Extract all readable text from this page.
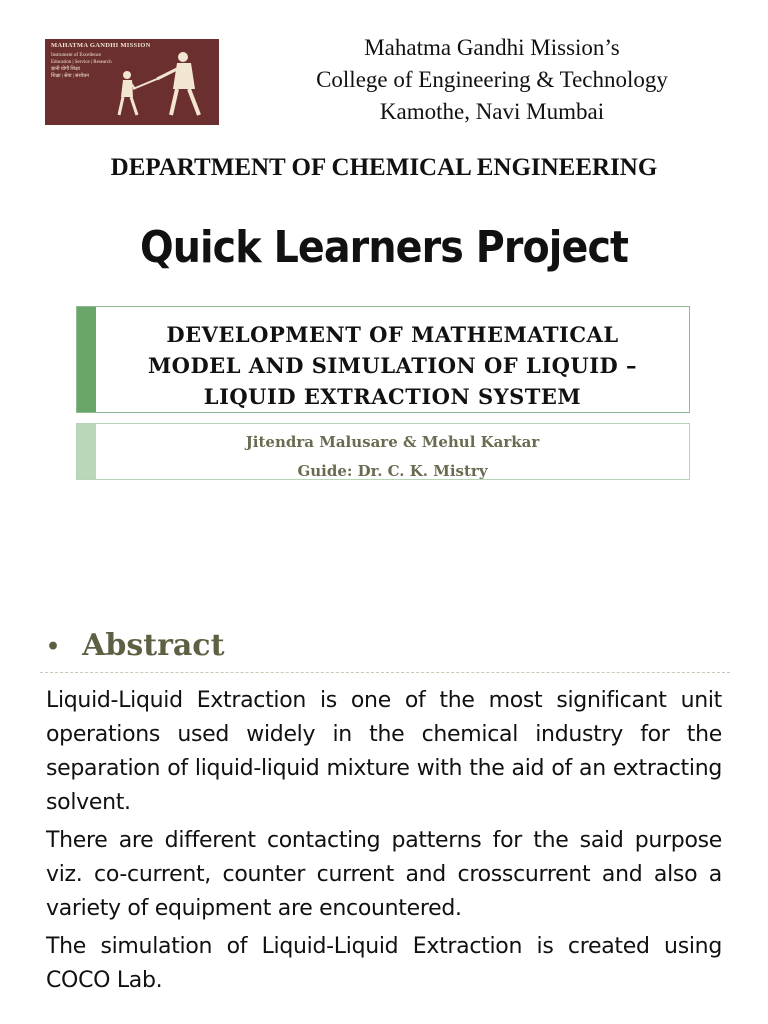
MAHATMA GANDHI MISSION
Instrument of Excellence
Education | Service | Research
ज्ञानी योगी शिक्षा
शिक्षा | सेवा | संशोधन
Mahatma Gandhi Mission’s
College of Engineering & Technology
Kamothe, Navi Mumbai
DEPARTMENT OF CHEMICAL ENGINEERING
Quick Learners Project
DEVELOPMENT OF MATHEMATICAL
MODEL AND SIMULATION OF LIQUID –
LIQUID EXTRACTION SYSTEM
Jitendra Malusare & Mehul Karkar
Guide: Dr. C. K. Mistry
• Abstract

Liquid-Liquid Extraction is one of the most significant unit operations used widely in the chemical industry for the separation of liquid-liquid mixture with the aid of an extracting solvent.

There are different contacting patterns for the said purpose viz. co-current, counter current and crosscurrent and also a variety of equipment are encountered.

The simulation of Liquid-Liquid Extraction is created using COCO Lab.
